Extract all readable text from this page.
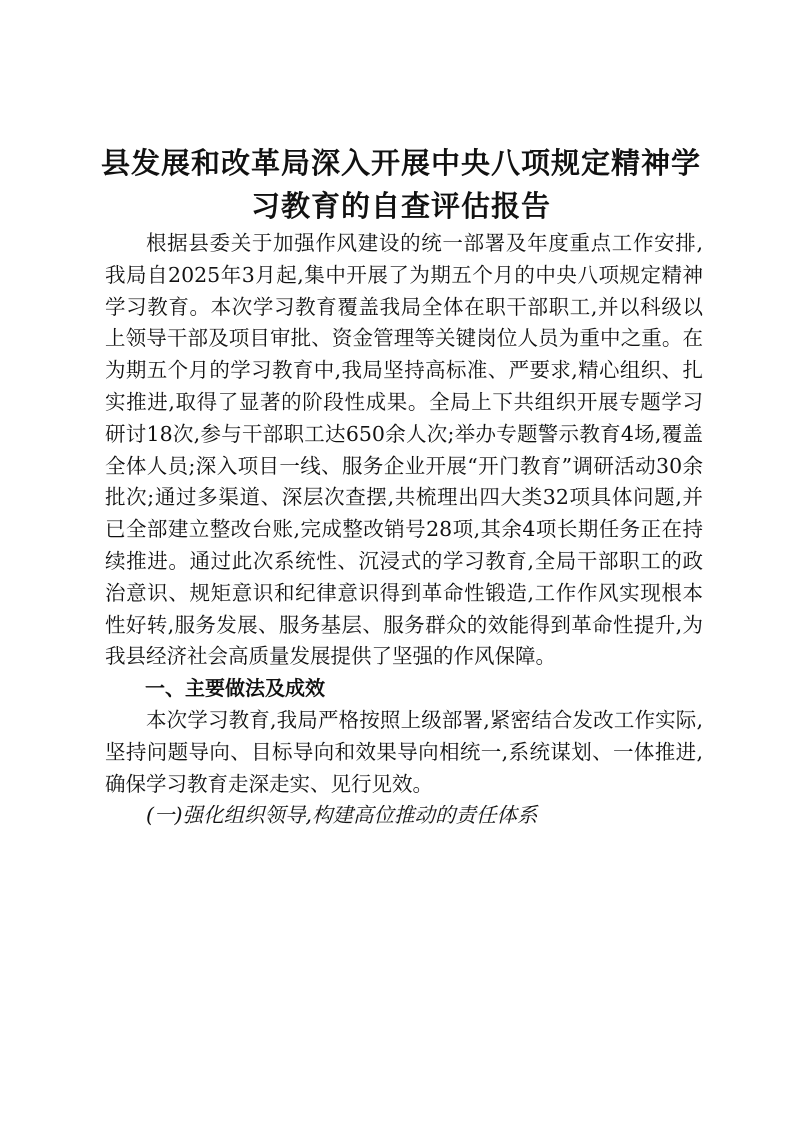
县发展和改革局深入开展中央八项规定精神学
习教育的自查评估报告

根据县委关于加强作风建设的统一部署及年度重点工作安排,我局自2025年3月起,集中开展了为期五个月的中央八项规定精神学习教育。本次学习教育覆盖我局全体在职干部职工,并以科级以上领导干部及项目审批、资金管理等关键岗位人员为重中之重。在为期五个月的学习教育中,我局坚持高标准、严要求,精心组织、扎实推进,取得了显著的阶段性成果。全局上下共组织开展专题学习研讨18次,参与干部职工达650余人次;举办专题警示教育4场,覆盖全体人员;深入项目一线、服务企业开展“开门教育”调研活动30余批次;通过多渠道、深层次查摆,共梳理出四大类32项具体问题,并已全部建立整改台账,完成整改销号28项,其余4项长期任务正在持续推进。通过此次系统性、沉浸式的学习教育,全局干部职工的政治意识、规矩意识和纪律意识得到革命性锻造,工作作风实现根本性好转,服务发展、服务基层、服务群众的效能得到革命性提升,为我县经济社会高质量发展提供了坚强的作风保障。

一、主要做法及成效

本次学习教育,我局严格按照上级部署,紧密结合发改工作实际,坚持问题导向、目标导向和效果导向相统一,系统谋划、一体推进,确保学习教育走深走实、见行见效。

(一)强化组织领导,构建高位推动的责任体系
